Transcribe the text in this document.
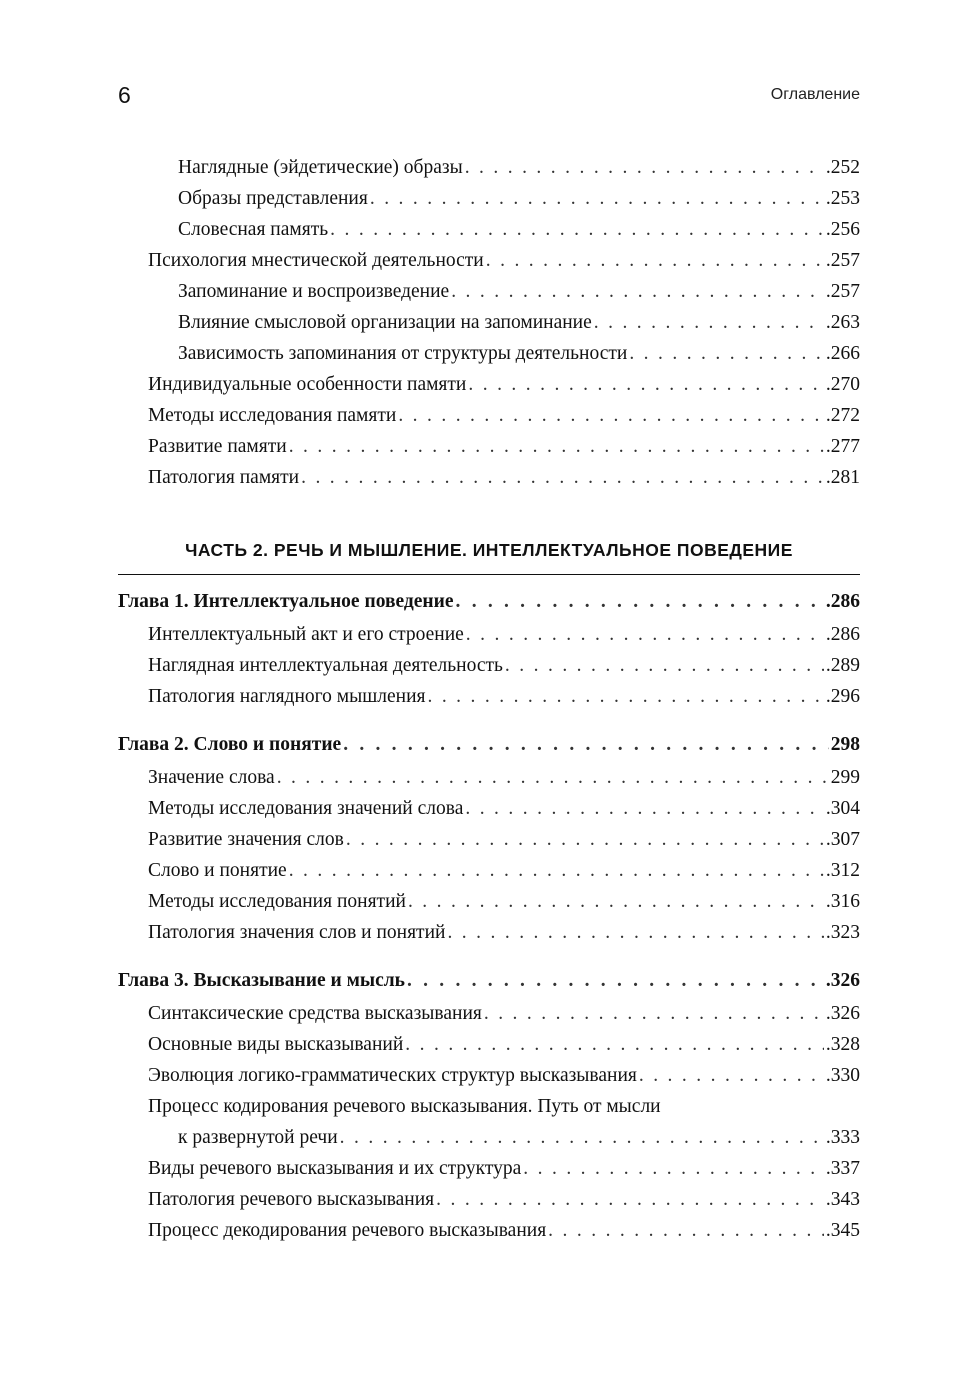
6	Оглавление
Наглядные (эйдетические) образы . . .	.252
Образы представления . . .	.253
Словесная память . . .	.256
Психология мнестической деятельности . . .	.257
Запоминание и воспроизведение . . .	.257
Влияние смысловой организации на запоминание . . .	.263
Зависимость запоминания от структуры деятельности . . .	.266
Индивидуальные особенности памяти . . .	.270
Методы исследования памяти . . .	.272
Развитие памяти . . .	.277
Патология памяти . . .	.281
ЧАСТЬ 2. РЕЧЬ И МЫШЛЕНИЕ. ИНТЕЛЛЕКТУАЛЬНОЕ ПОВЕДЕНИЕ
Глава 1. Интеллектуальное поведение . . .	.286
Интеллектуальный акт и его строение . . .	.286
Наглядная интеллектуальная деятельность . . .	.289
Патология наглядного мышления . . .	.296
Глава 2. Слово и понятие . . .	298
Значение слова . . .	299
Методы исследования значений слова . . .	.304
Развитие значения слов . . .	.307
Слово и понятие . . .	.312
Методы исследования понятий . . .	.316
Патология значения слов и понятий . . .	.323
Глава 3. Высказывание и мысль . . .	.326
Синтаксические средства высказывания . . .	.326
Основные виды высказываний . . .	.328
Эволюция логико-грамматических структур высказывания . . .	.330
Процесс кодирования речевого высказывания. Путь от мысли
к развернутой речи . . .	.333
Виды речевого высказывания и их структура . . .	.337
Патология речевого высказывания . . .	.343
Процесс декодирования речевого высказывания . . .	.345
